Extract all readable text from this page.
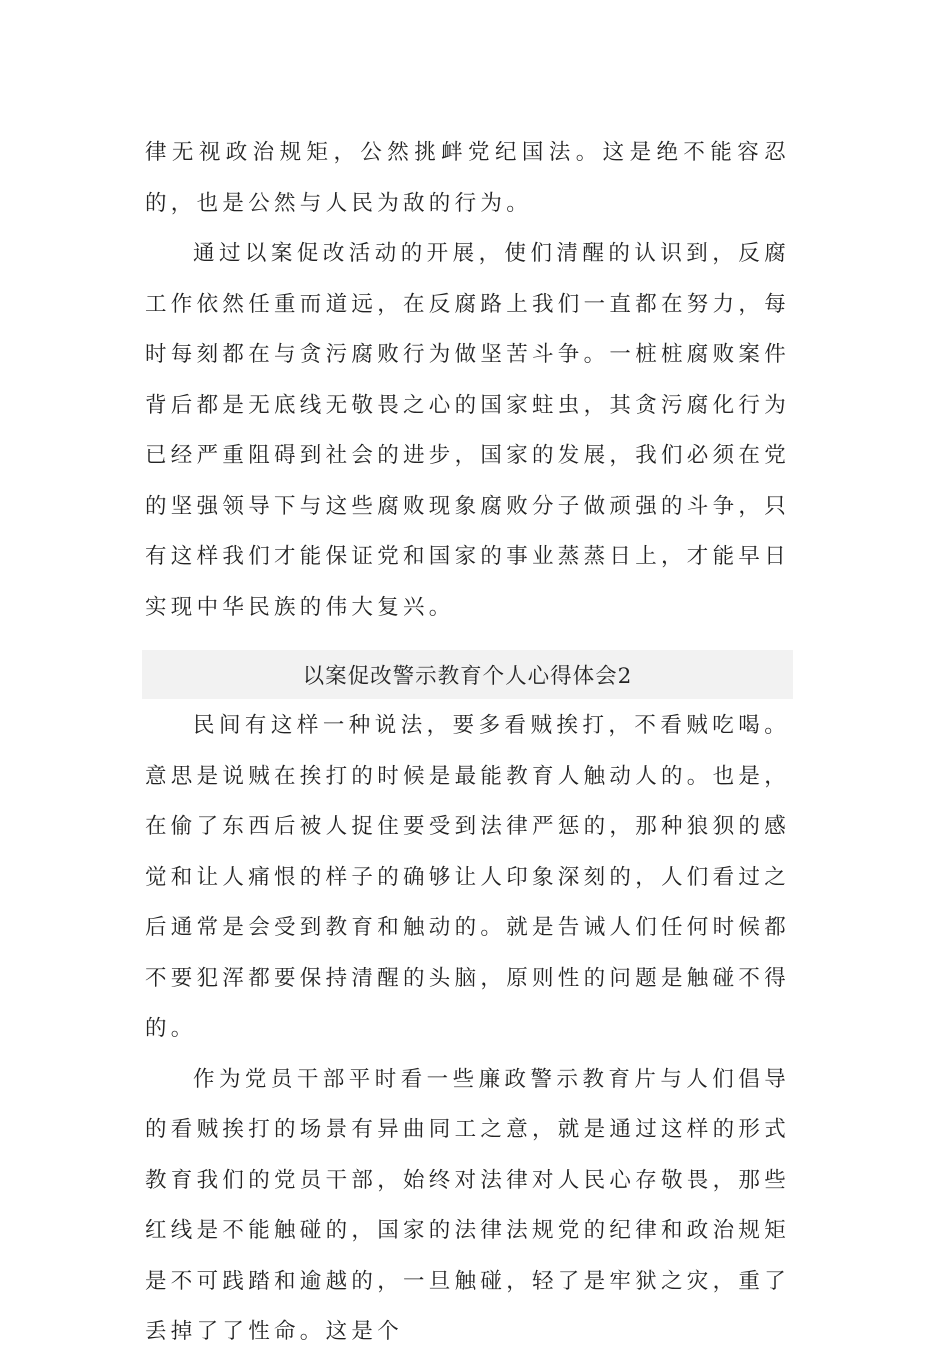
律无视政治规矩，公然挑衅党纪国法。这是绝不能容忍的，也是公然与人民为敌的行为。

通过以案促改活动的开展，使们清醒的认识到，反腐工作依然任重而道远，在反腐路上我们一直都在努力，每时每刻都在与贪污腐败行为做坚苦斗争。一桩桩腐败案件背后都是无底线无敬畏之心的国家蛀虫，其贪污腐化行为已经严重阻碍到社会的进步，国家的发展，我们必须在党的坚强领导下与这些腐败现象腐败分子做顽强的斗争，只有这样我们才能保证党和国家的事业蒸蒸日上，才能早日实现中华民族的伟大复兴。

以案促改警示教育个人心得体会2

民间有这样一种说法，要多看贼挨打，不看贼吃喝。意思是说贼在挨打的时候是最能教育人触动人的。也是，在偷了东西后被人捉住要受到法律严惩的，那种狼狈的感觉和让人痛恨的样子的确够让人印象深刻的，人们看过之后通常是会受到教育和触动的。就是告诫人们任何时候都不要犯浑都要保持清醒的头脑，原则性的问题是触碰不得的。

作为党员干部平时看一些廉政警示教育片与人们倡导的看贼挨打的场景有异曲同工之意，就是通过这样的形式教育我们的党员干部，始终对法律对人民心存敬畏，那些红线是不能触碰的，国家的法律法规党的纪律和政治规矩是不可践踏和逾越的，一旦触碰，轻了是牢狱之灾，重了丢掉了了性命。这是个
